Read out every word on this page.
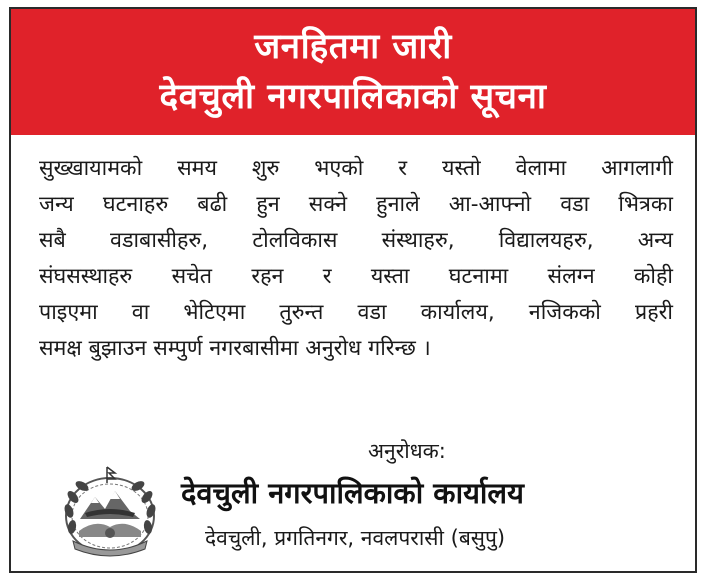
जनहितमा जारी
देवचुली नगरपालिकाको सूचना
सुख्खायामको समय शुरु भएको र यस्तो वेलामा आगलागी
जन्य घटनाहरु बढी हुन सक्ने हुनाले आ-आफ्नो वडा भित्रका
सबै वडाबासीहरु, टोलविकास संस्थाहरु, विद्यालयहरु, अन्य
संघसस्थाहरु सचेत रहन र यस्ता घटनामा संलग्न कोही
पाइएमा वा भेटिएमा तुरुन्त वडा कार्यालय, नजिकको प्रहरी
समक्ष बुझाउन सम्पुर्ण नगरबासीमा अनुरोध गरिन्छ ।
अनुरोधक:
देवचुली नगरपालिकाको कार्यालय
देवचुली, प्रगतिनगर, नवलपरासी (बसुपु)
